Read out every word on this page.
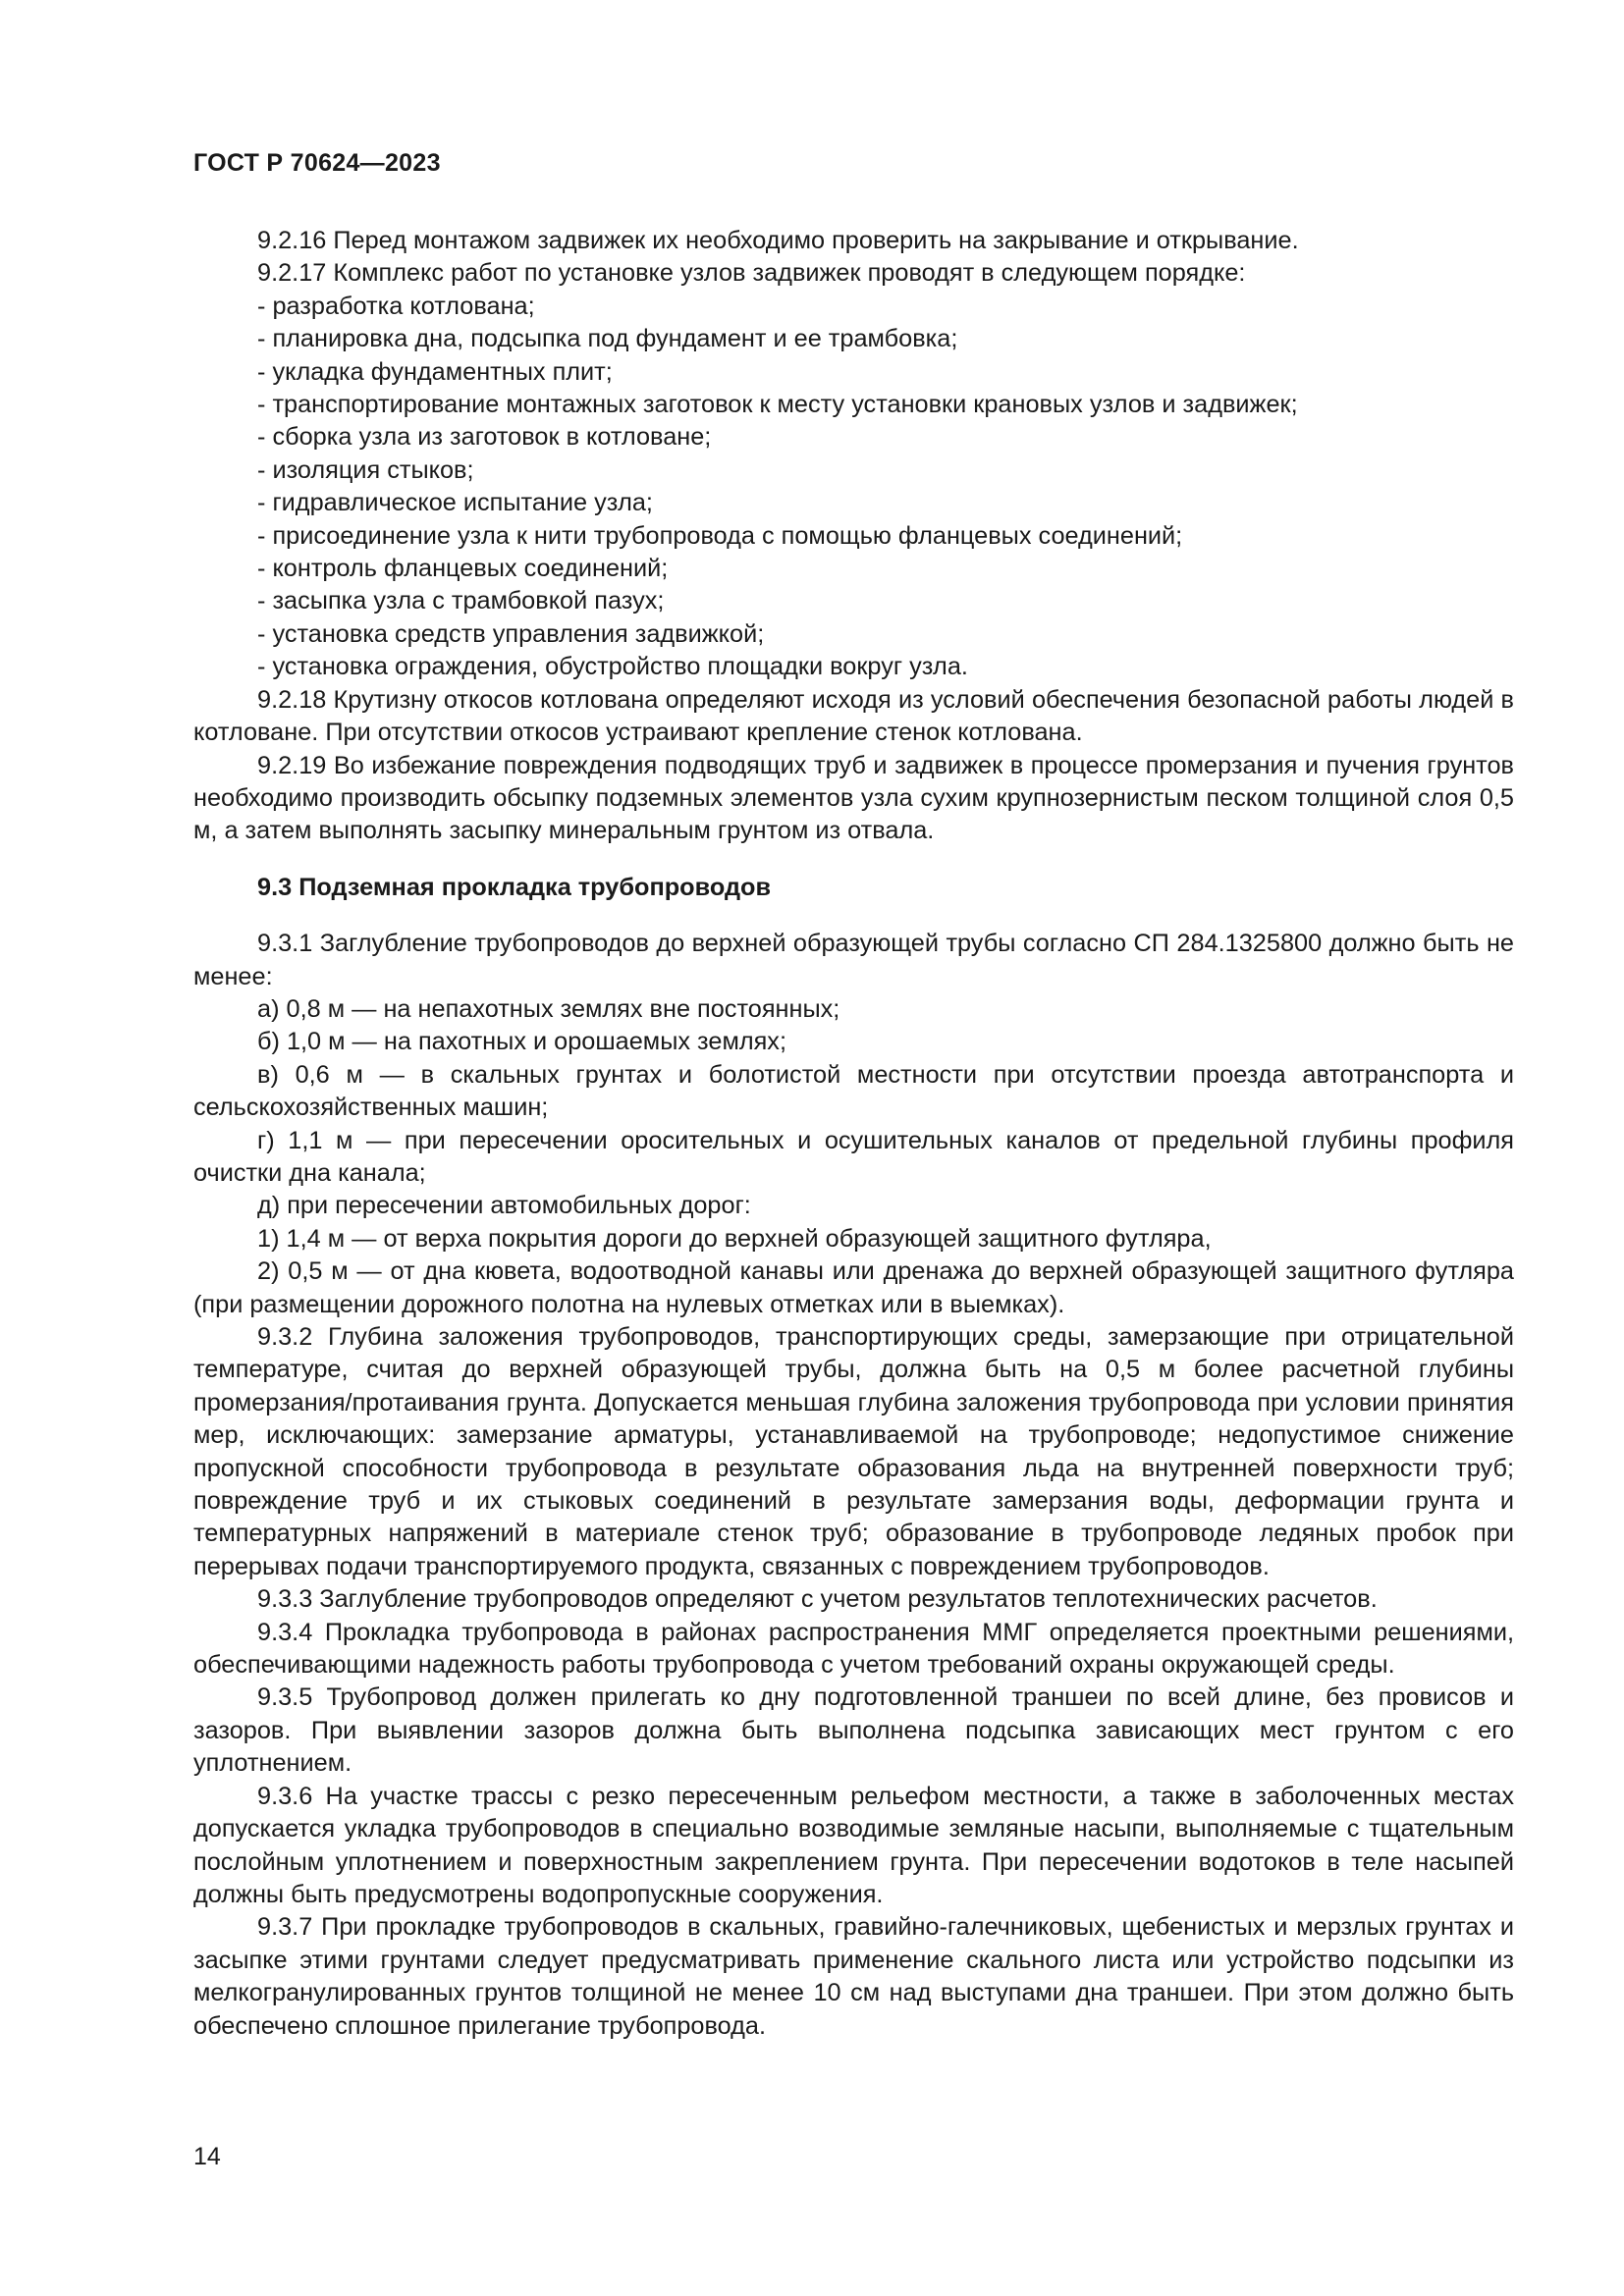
ГОСТ Р 70624—2023

9.2.16 Перед монтажом задвижек их необходимо проверить на закрывание и открывание.

9.2.17 Комплекс работ по установке узлов задвижек проводят в следующем порядке:

- разработка котлована;

- планировка дна, подсыпка под фундамент и ее трамбовка;

- укладка фундаментных плит;

- транспортирование монтажных заготовок к месту установки крановых узлов и задвижек;

- сборка узла из заготовок в котловане;

- изоляция стыков;

- гидравлическое испытание узла;

- присоединение узла к нити трубопровода с помощью фланцевых соединений;

- контроль фланцевых соединений;

- засыпка узла с трамбовкой пазух;

- установка средств управления задвижкой;

- установка ограждения, обустройство площадки вокруг узла.

9.2.18 Крутизну откосов котлована определяют исходя из условий обеспечения безопасной работы людей в котловане. При отсутствии откосов устраивают крепление стенок котлована.

9.2.19 Во избежание повреждения подводящих труб и задвижек в процессе промерзания и пучения грунтов необходимо производить обсыпку подземных элементов узла сухим крупнозернистым песком толщиной слоя 0,5 м, а затем выполнять засыпку минеральным грунтом из отвала.

9.3 Подземная прокладка трубопроводов

9.3.1 Заглубление трубопроводов до верхней образующей трубы согласно СП 284.1325800 должно быть не менее:

а) 0,8 м — на непахотных землях вне постоянных;

б) 1,0 м — на пахотных и орошаемых землях;

в) 0,6 м — в скальных грунтах и болотистой местности при отсутствии проезда автотранспорта и сельскохозяйственных машин;

г) 1,1 м — при пересечении оросительных и осушительных каналов от предельной глубины профиля очистки дна канала;

д) при пересечении автомобильных дорог:

1) 1,4 м — от верха покрытия дороги до верхней образующей защитного футляра,

2) 0,5 м — от дна кювета, водоотводной канавы или дренажа до верхней образующей защитного футляра (при размещении дорожного полотна на нулевых отметках или в выемках).

9.3.2 Глубина заложения трубопроводов, транспортирующих среды, замерзающие при отрицательной температуре, считая до верхней образующей трубы, должна быть на 0,5 м более расчетной глубины промерзания/протаивания грунта. Допускается меньшая глубина заложения трубопровода при условии принятия мер, исключающих: замерзание арматуры, устанавливаемой на трубопроводе; недопустимое снижение пропускной способности трубопровода в результате образования льда на внутренней поверхности труб; повреждение труб и их стыковых соединений в результате замерзания воды, деформации грунта и температурных напряжений в материале стенок труб; образование в трубопроводе ледяных пробок при перерывах подачи транспортируемого продукта, связанных с повреждением трубопроводов.

9.3.3 Заглубление трубопроводов определяют с учетом результатов теплотехнических расчетов.

9.3.4 Прокладка трубопровода в районах распространения ММГ определяется проектными решениями, обеспечивающими надежность работы трубопровода с учетом требований охраны окружающей среды.

9.3.5 Трубопровод должен прилегать ко дну подготовленной траншеи по всей длине, без провисов и зазоров. При выявлении зазоров должна быть выполнена подсыпка зависающих мест грунтом с его уплотнением.

9.3.6 На участке трассы с резко пересеченным рельефом местности, а также в заболоченных местах допускается укладка трубопроводов в специально возводимые земляные насыпи, выполняемые с тщательным послойным уплотнением и поверхностным закреплением грунта. При пересечении водотоков в теле насыпей должны быть предусмотрены водопропускные сооружения.

9.3.7 При прокладке трубопроводов в скальных, гравийно-галечниковых, щебенистых и мерзлых грунтах и засыпке этими грунтами следует предусматривать применение скального листа или устройство подсыпки из мелкогранулированных грунтов толщиной не менее 10 см над выступами дна траншеи. При этом должно быть обеспечено сплошное прилегание трубопровода.

14
